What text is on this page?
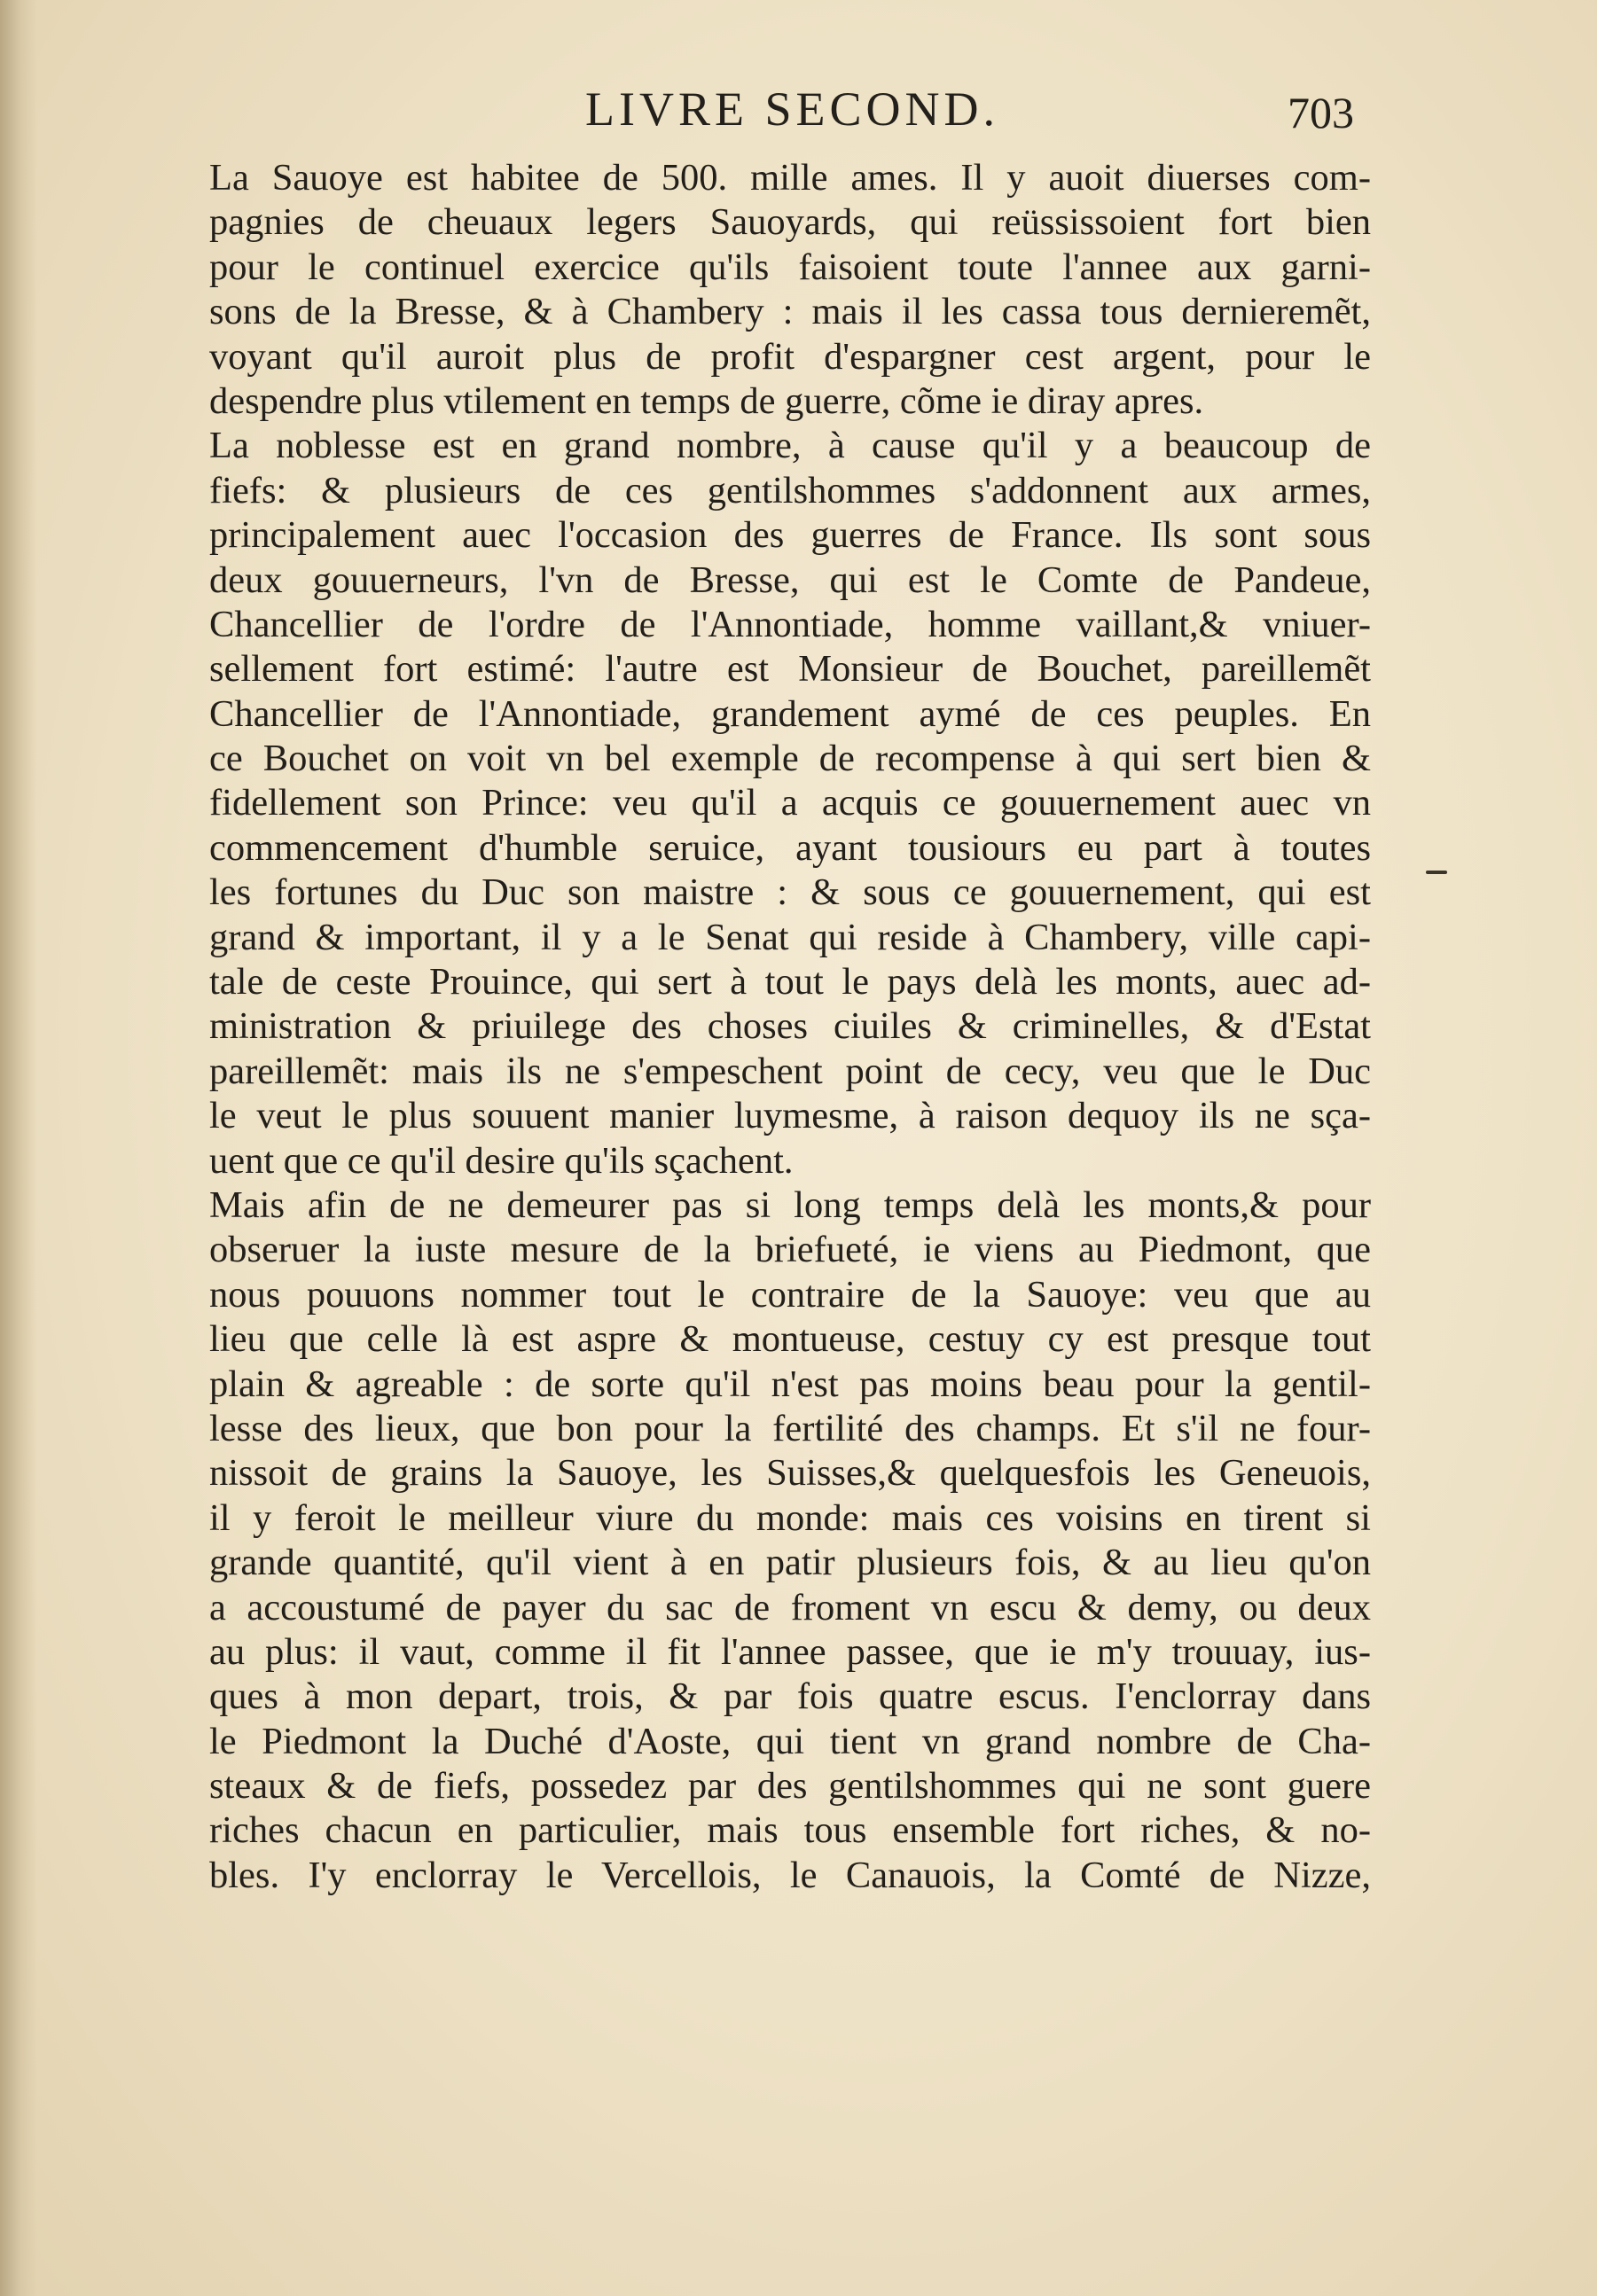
LIVRE SECOND.	703
La Sauoye est habitee de 500. mille ames. Il y auoit diuerses com-
pagnies de cheuaux legers Sauoyards, qui reüssissoient fort bien
pour le continuel exercice qu'ils faisoient toute l'annee aux garni-
sons de la Bresse, & à Chambery : mais il les cassa tous dernieremẽt,
voyant qu'il auroit plus de profit d'espargner cest argent, pour le
despendre plus vtilement en temps de guerre, cõme ie diray apres.
La noblesse est en grand nombre, à cause qu'il y a beaucoup de
fiefs: & plusieurs de ces gentilshommes s'addonnent aux armes,
principalement auec l'occasion des guerres de France. Ils sont sous
deux gouuerneurs, l'vn de Bresse, qui est le Comte de Pandeue,
Chancellier de l'ordre de l'Annontiade, homme vaillant,& vniuer-
sellement fort estimé: l'autre est Monsieur de Bouchet, pareillemẽt
Chancellier de l'Annontiade, grandement aymé de ces peuples. En
ce Bouchet on voit vn bel exemple de recompense à qui sert bien &
fidellement son Prince: veu qu'il a acquis ce gouuernement auec vn
commencement d'humble seruice, ayant tousiours eu part à toutes
les fortunes du Duc son maistre : & sous ce gouuernement, qui est
grand & important, il y a le Senat qui reside à Chambery, ville capi-
tale de ceste Prouince, qui sert à tout le pays delà les monts, auec ad-
ministration & priuilege des choses ciuiles & criminelles, & d'Estat
pareillemẽt: mais ils ne s'empeschent point de cecy, veu que le Duc
le veut le plus souuent manier luymesme, à raison dequoy ils ne sça-
uent que ce qu'il desire qu'ils sçachent.
Mais afin de ne demeurer pas si long temps delà les monts,& pour
obseruer la iuste mesure de la briefueté, ie viens au Piedmont, que
nous pouuons nommer tout le contraire de la Sauoye: veu que au
lieu que celle là est aspre & montueuse, cestuy cy est presque tout
plain & agreable : de sorte qu'il n'est pas moins beau pour la gentil-
lesse des lieux, que bon pour la fertilité des champs. Et s'il ne four-
nissoit de grains la Sauoye, les Suisses,& quelquesfois les Geneuois,
il y feroit le meilleur viure du monde: mais ces voisins en tirent si
grande quantité, qu'il vient à en patir plusieurs fois, & au lieu qu'on
a accoustumé de payer du sac de froment vn escu & demy, ou deux
au plus: il vaut, comme il fit l'annee passee, que ie m'y trouuay, ius-
ques à mon depart, trois, & par fois quatre escus. I'enclorray dans
le Piedmont la Duché d'Aoste, qui tient vn grand nombre de Cha-
steaux & de fiefs, possedez par des gentilshommes qui ne sont guere
riches chacun en particulier, mais tous ensemble fort riches, & no-
bles. I'y enclorray le Vercellois, le Canauois, la Comté de Nizze,
